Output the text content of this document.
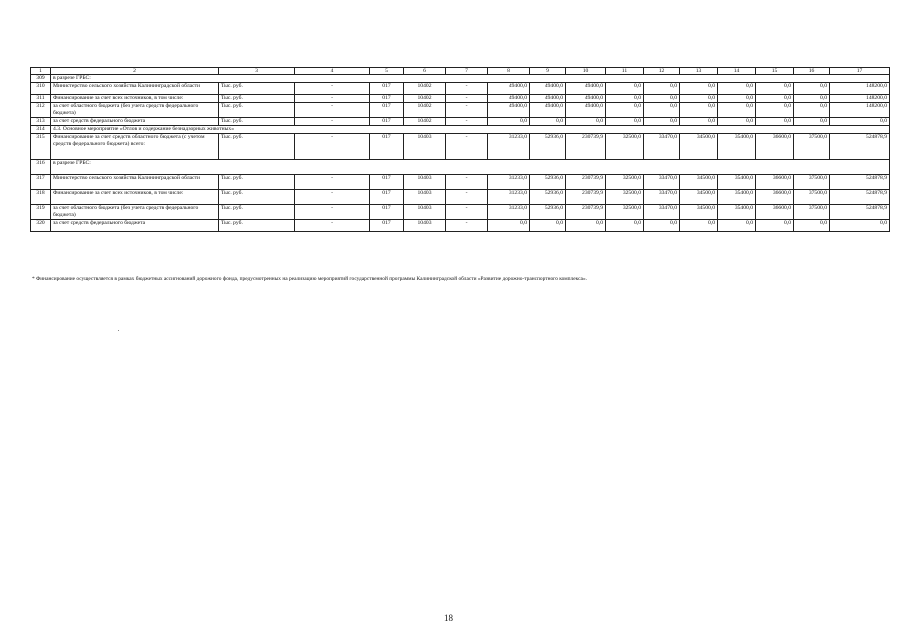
1	2	3	4	5	6	7	8	9	10	11	12	13	14	15	16	17
309	в разрезе ГРБС:															
310	Министерство сельского хозяйства Калининградской области	Тыс. руб.	-	017	10402	-	49400,0	49400,0	49400,0	0,0	0,0	0,0	0,0	0,0	0,0	148200,0
311	Финансирование за счет всех источников, в том числе:	Тыс. руб.	-	017	10402	-	49400,0	49400,0	49400,0	0,0	0,0	0,0	0,0	0,0	0,0	148200,0
312	за счет областного бюджета (без учета средств федерального бюджета)	Тыс. руб.	-	017	10402	-	49400,0	49400,0	49400,0	0,0	0,0	0,0	0,0	0,0	0,0	148200,0
313	за счет средств федерального бюджета	Тыс. руб.	-	017	10402	-	0,0	0,0	0,0	0,0	0,0	0,0	0,0	0,0	0,0	0,0
314	4.3. Основное мероприятие «Отлов и содержание безнадзорных животных»															
315	Финансирование за счет средств областного бюджета (с учетом средств федерального бюджета) всего:	Тыс. руб.	-	017	10403	-	31233,0	52936,0	230739,9	32500,0	33470,0	34500,0	35400,0	36600,0	37500,0	524878,9
316	в разрезе ГРБС:															
317	Министерство сельского хозяйства Калининградской области	Тыс. руб.	-	017	10403	-	31233,0	52936,0	230739,9	32500,0	33470,0	34500,0	35400,0	36600,0	37500,0	524878,9
318	Финансирование за счет всех источников, в том числе:	Тыс. руб.	-	017	10403	-	31233,0	52936,0	230739,9	32500,0	33470,0	34500,0	35400,0	36600,0	37500,0	524878,9
319	за счет областного бюджета (без учета средств федерального бюджета)	Тыс. руб.	-	017	10403	-	31233,0	52936,0	230739,9	32500,0	33470,0	34500,0	35400,0	36600,0	37500,0	524878,9
320	за счет средств федерального бюджета	Тыс. руб.	-	017	10403	-	0,0	0,0	0,0	0,0	0,0	0,0	0,0	0,0	0,0	0,0
* Финансирование осуществляется в рамках бюджетных ассигнований дорожного фонда, предусмотренных на реализацию мероприятий государственной программы Калининградской области «Развитие дорожно-транспортного комплекса».
18
